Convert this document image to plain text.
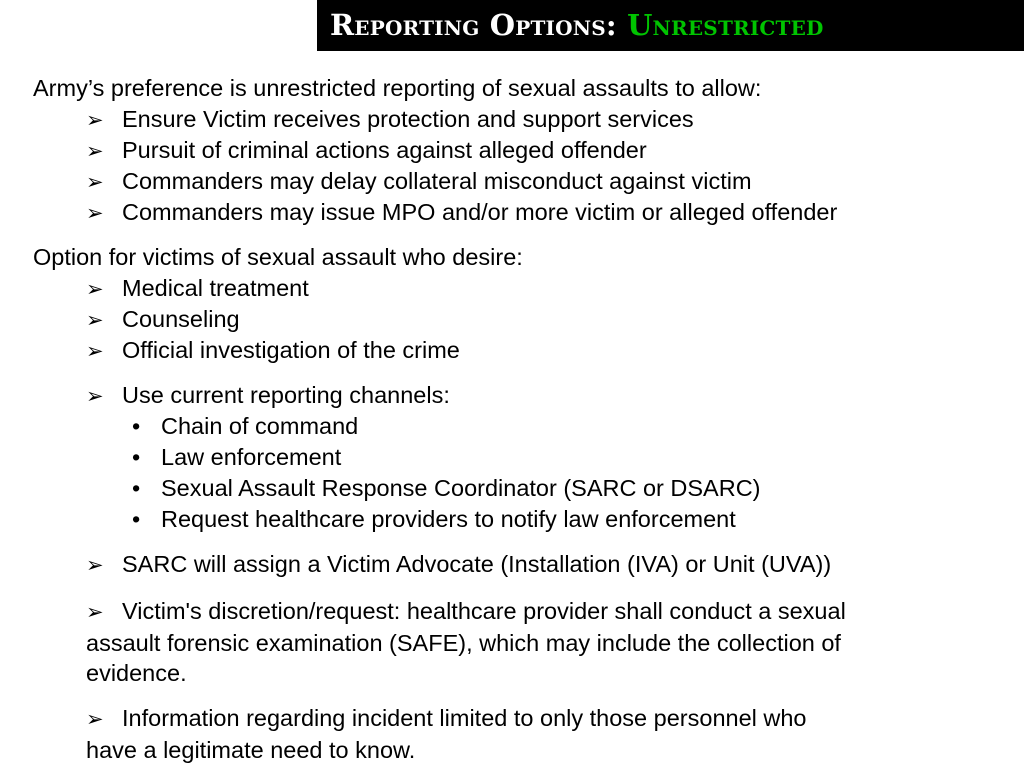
Reporting Options: Unrestricted
Army’s preference is unrestricted reporting of sexual assaults to allow:
➢ Ensure Victim receives protection and support services
➢ Pursuit of criminal actions against alleged offender
➢ Commanders may delay collateral misconduct against victim
➢ Commanders may issue MPO and/or more victim or alleged offender
Option for victims of sexual assault who desire:
➢ Medical treatment
➢ Counseling
➢ Official investigation of the crime
➢ Use current reporting channels:
• Chain of command
• Law enforcement
• Sexual Assault Response Coordinator (SARC or DSARC)
• Request healthcare providers to notify law enforcement
➢ SARC will assign a Victim Advocate (Installation (IVA) or Unit (UVA))
➢ Victim's discretion/request: healthcare provider shall conduct a sexual
assault forensic examination (SAFE), which may include the collection of
evidence.
➢ Information regarding incident limited to only those personnel who
have a legitimate need to know.
